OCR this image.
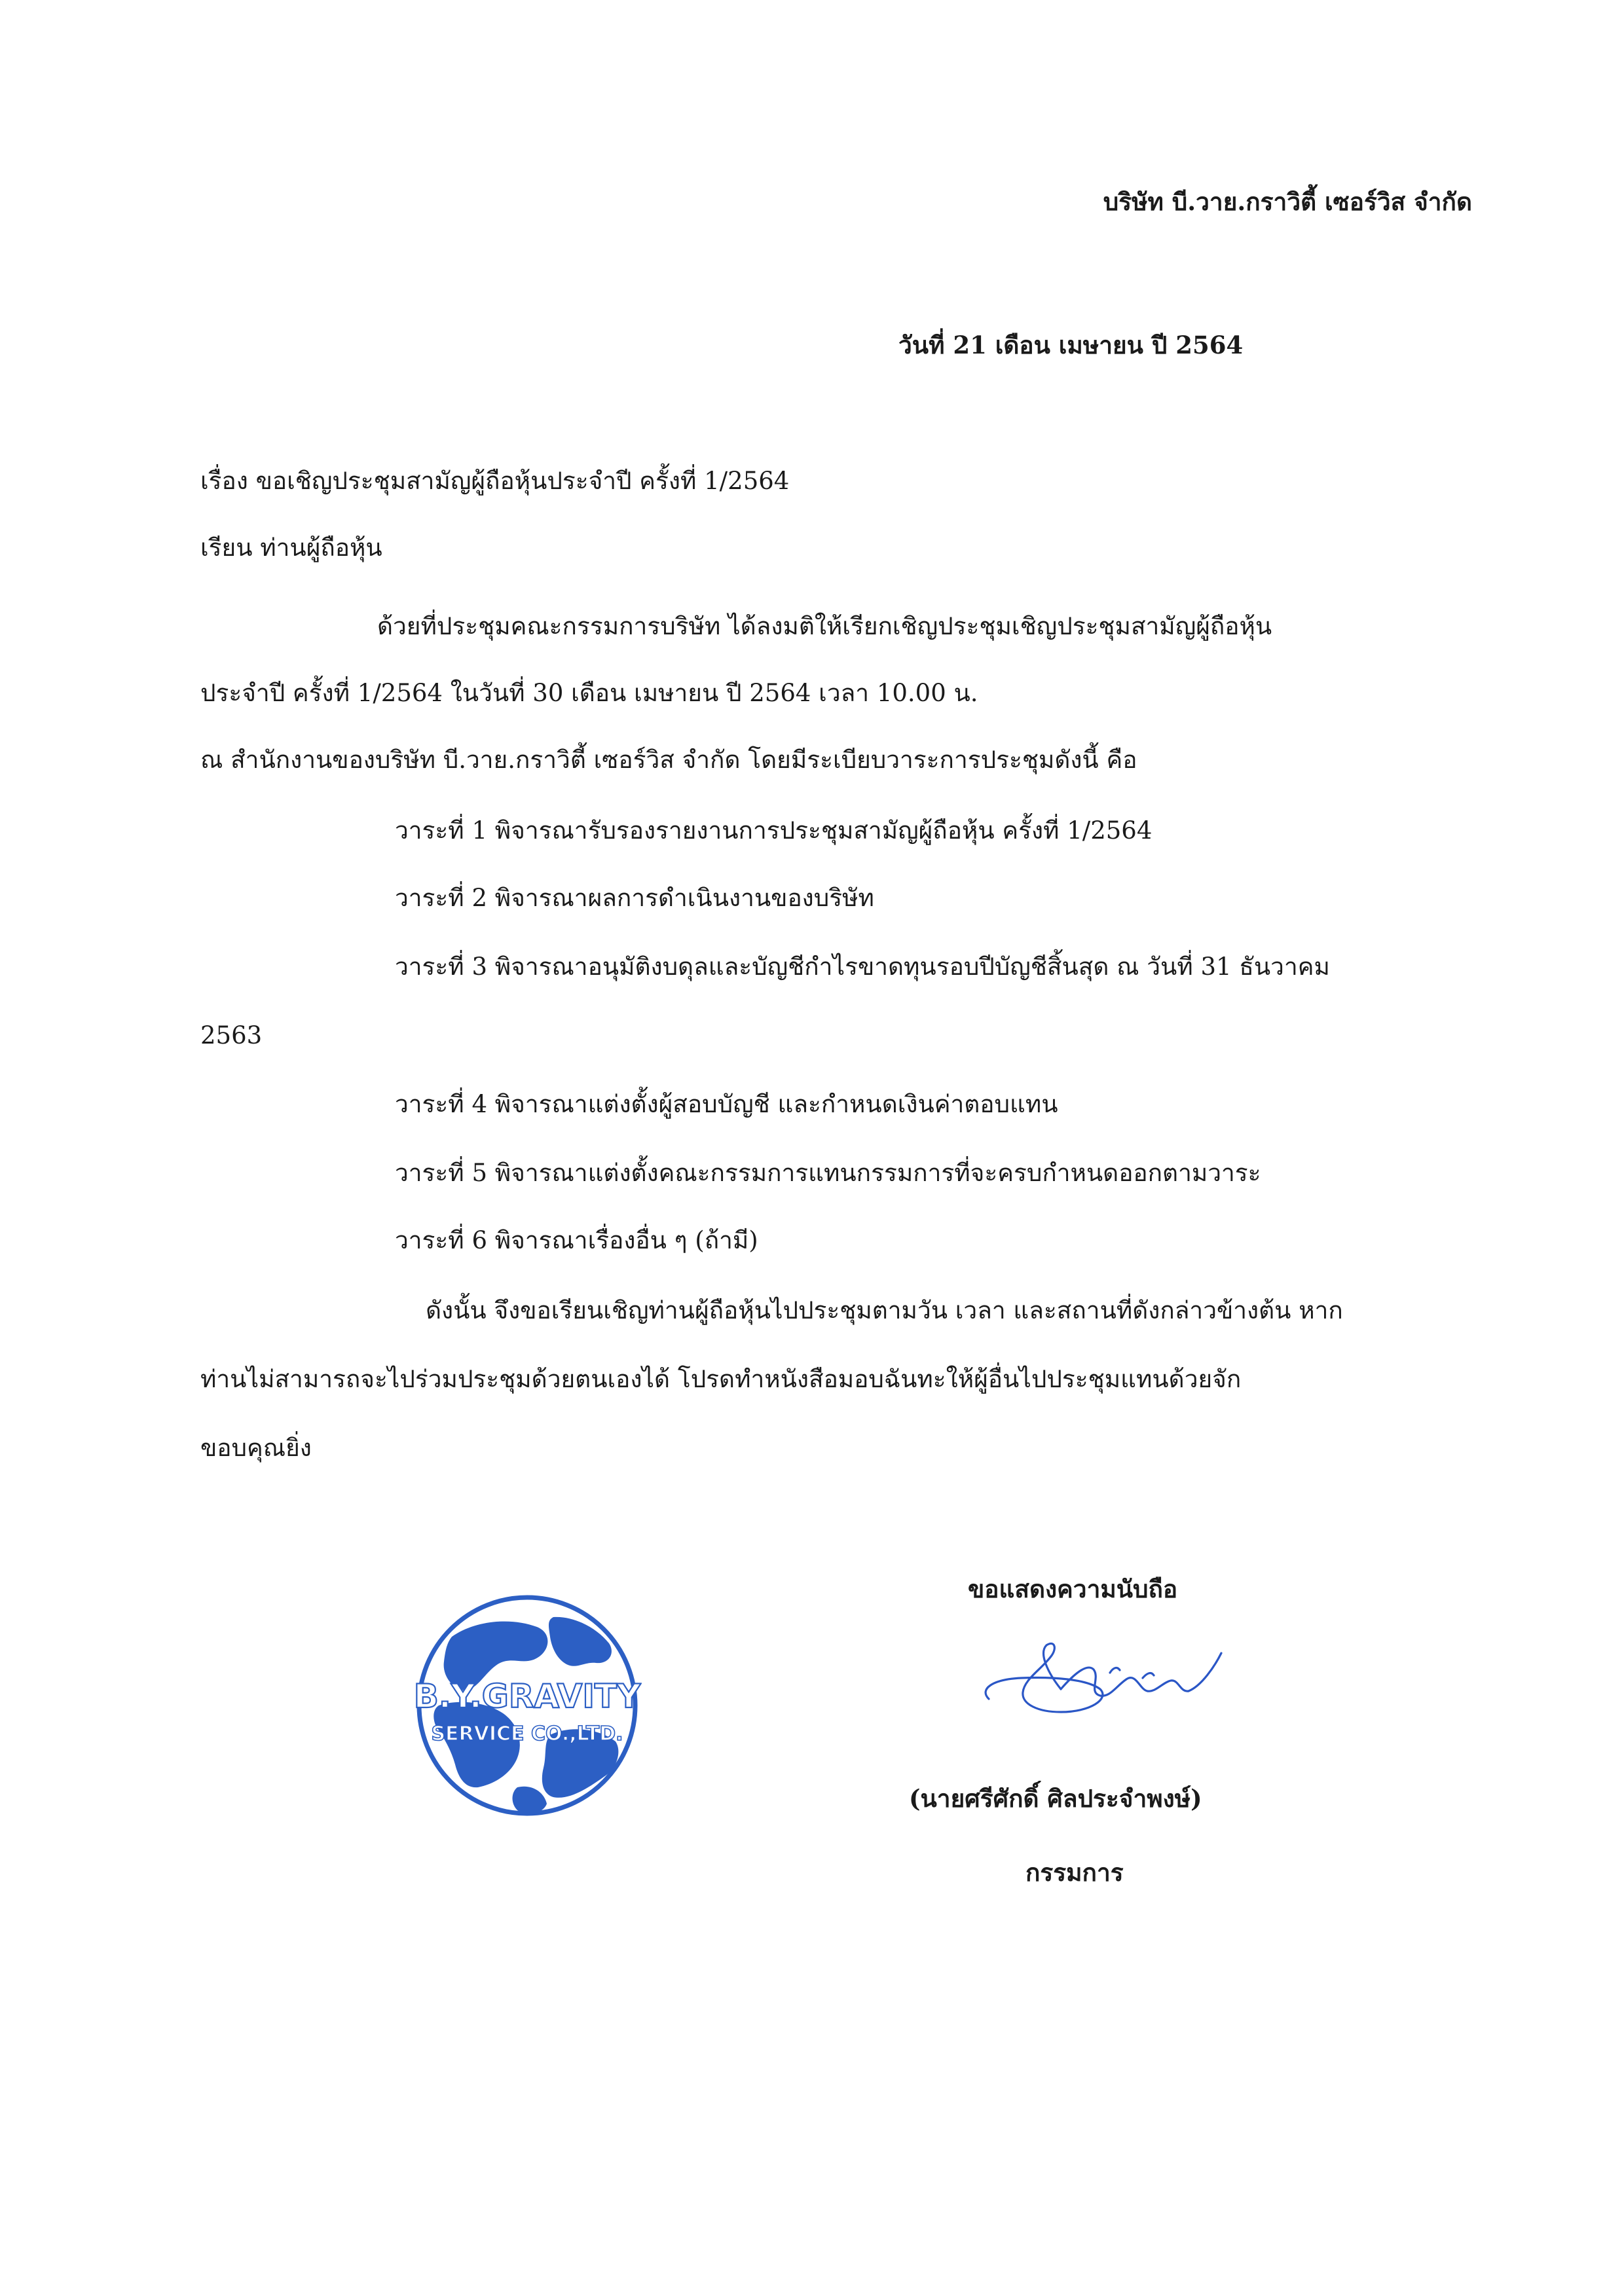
บริษัท บี.วาย.กราวิตี้ เซอร์วิส จำกัด
วันที่ 21 เดือน เมษายน ปี 2564
เรื่อง ขอเชิญประชุมสามัญผู้ถือหุ้นประจำปี ครั้งที่ 1/2564
เรียน ท่านผู้ถือหุ้น
ด้วยที่ประชุมคณะกรรมการบริษัท ได้ลงมติให้เรียกเชิญประชุมเชิญประชุมสามัญผู้ถือหุ้น
ประจำปี ครั้งที่ 1/2564 ในวันที่ 30 เดือน เมษายน ปี 2564 เวลา 10.00 น.
ณ สำนักงานของบริษัท บี.วาย.กราวิตี้ เซอร์วิส จำกัด โดยมีระเบียบวาระการประชุมดังนี้ คือ
วาระที่ 1 พิจารณารับรองรายงานการประชุมสามัญผู้ถือหุ้น ครั้งที่ 1/2564
วาระที่ 2 พิจารณาผลการดำเนินงานของบริษัท
วาระที่ 3 พิจารณาอนุมัติงบดุลและบัญชีกำไรขาดทุนรอบปีบัญชีสิ้นสุด ณ วันที่ 31 ธันวาคม
2563
วาระที่ 4 พิจารณาแต่งตั้งผู้สอบบัญชี และกำหนดเงินค่าตอบแทน
วาระที่ 5 พิจารณาแต่งตั้งคณะกรรมการแทนกรรมการที่จะครบกำหนดออกตามวาระ
วาระที่ 6 พิจารณาเรื่องอื่น ๆ (ถ้ามี)
ดังนั้น จึงขอเรียนเชิญท่านผู้ถือหุ้นไปประชุมตามวัน เวลา และสถานที่ดังกล่าวข้างต้น หาก
ท่านไม่สามารถจะไปร่วมประชุมด้วยตนเองได้ โปรดทำหนังสือมอบฉันทะให้ผู้อื่นไปประชุมแทนด้วยจัก
ขอบคุณยิ่ง
ขอแสดงความนับถือ
B.Y.GRAVITY
SERVICE CO.,LTD.
(นายศรีศักดิ์ ศิลประจำพงษ์)
กรรมการ
